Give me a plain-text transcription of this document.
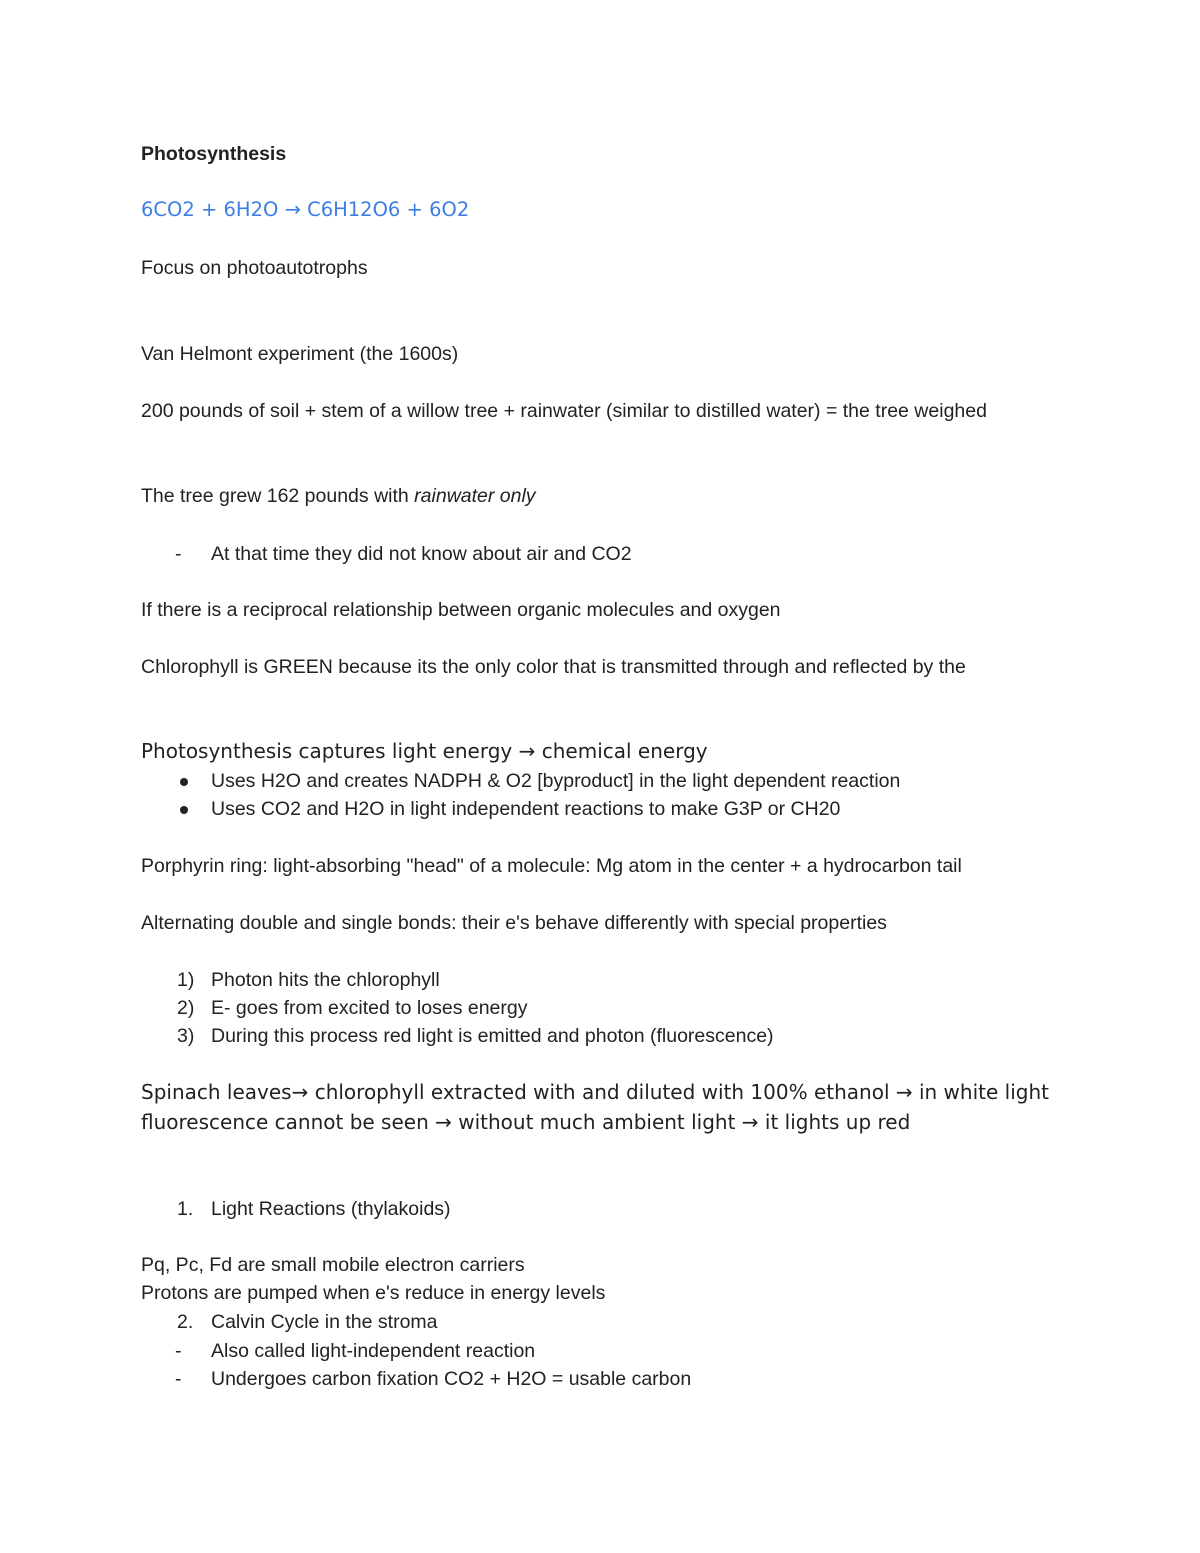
Photosynthesis
6CO2 + 6H2O → C6H12O6 + 6O2
Focus on photoautotrophs
Van Helmont experiment (the 1600s)
200 pounds of soil + stem of a willow tree + rainwater (similar to distilled water) = the tree weighed
The tree grew 162 pounds with rainwater only
- At that time they did not know about air and CO2
If there is a reciprocal relationship between organic molecules and oxygen
Chlorophyll is GREEN because its the only color that is transmitted through and reflected by the
Photosynthesis captures light energy → chemical energy
Uses H2O and creates NADPH & O2 [byproduct] in the light dependent reaction
Uses CO2 and H2O in light independent reactions to make G3P or CH20
Porphyrin ring: light-absorbing "head" of a molecule: Mg atom in the center + a hydrocarbon tail
Alternating double and single bonds: their e's behave differently with special properties
1) Photon hits the chlorophyll
2) E- goes from excited to loses energy
3) During this process red light is emitted and photon (fluorescence)
Spinach leaves→ chlorophyll extracted with and diluted with 100% ethanol → in white light fluorescence cannot be seen → without much ambient light → it lights up red
1. Light Reactions (thylakoids)
Pq, Pc, Fd are small mobile electron carriers
Protons are pumped when e's reduce in energy levels
2. Calvin Cycle in the stroma
- Also called light-independent reaction
- Undergoes carbon fixation CO2 + H2O = usable carbon
